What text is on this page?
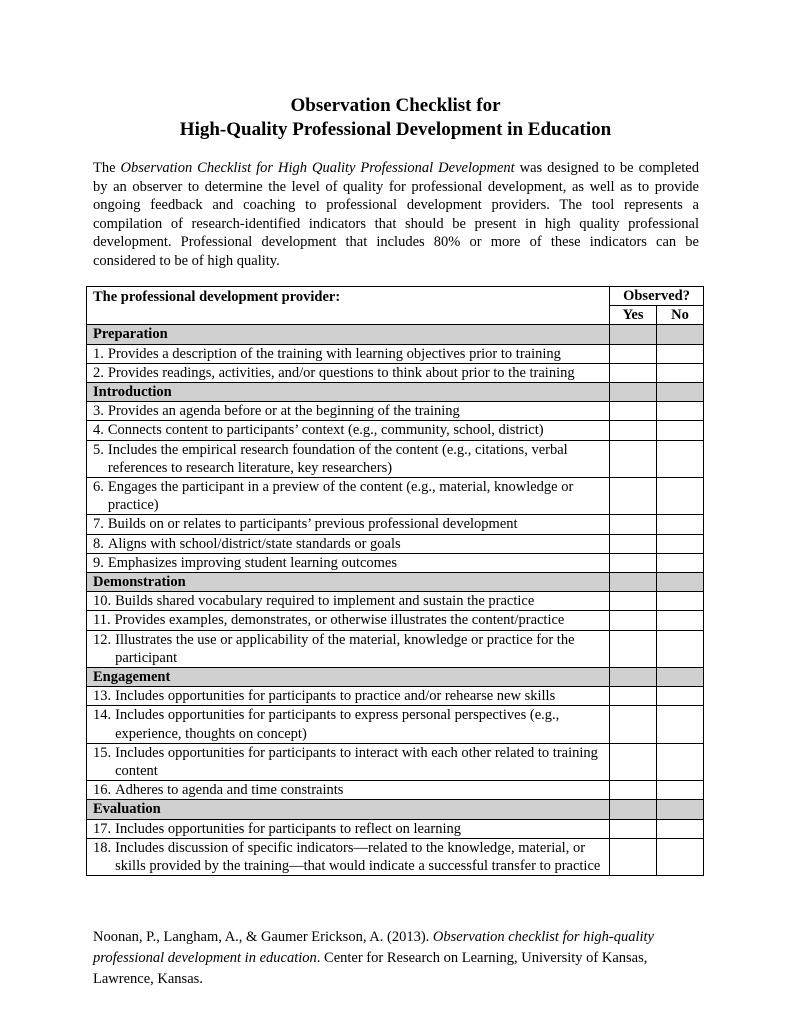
Observation Checklist for
High-Quality Professional Development in Education

The Observation Checklist for High Quality Professional Development was designed to be completed by an observer to determine the level of quality for professional development, as well as to provide ongoing feedback and coaching to professional development providers. The tool represents a compilation of research-identified indicators that should be present in high quality professional development. Professional development that includes 80% or more of these indicators can be considered to be of high quality.

The professional development provider:	Observed?	
	Yes	No
Preparation		

1. Provides a description of the training with learning objectives prior to training		

2. Provides readings, activities, and/or questions to think about prior to the training		

Introduction		

3. Provides an agenda before or at the beginning of the training		

4. Connects content to participants’ context (e.g., community, school, district)		

5. Includes the empirical research foundation of the content (e.g., citations, verbal references to research literature, key researchers)		

6. Engages the participant in a preview of the content (e.g., material, knowledge or practice)		

7. Builds on or relates to participants’ previous professional development		

8. Aligns with school/district/state standards or goals		

9. Emphasizes improving student learning outcomes		

Demonstration		

10. Builds shared vocabulary required to implement and sustain the practice		

11. Provides examples, demonstrates, or otherwise illustrates the content/practice		

12. Illustrates the use or applicability of the material, knowledge or practice for the participant		

Engagement		

13. Includes opportunities for participants to practice and/or rehearse new skills		

14. Includes opportunities for participants to express personal perspectives (e.g., experience, thoughts on concept)		

15. Includes opportunities for participants to interact with each other related to training content		

16. Adheres to agenda and time constraints		

Evaluation		

17. Includes opportunities for participants to reflect on learning		

18. Includes discussion of specific indicators—related to the knowledge, material, or skills provided by the training—that would indicate a successful transfer to practice		

Noonan, P., Langham, A., & Gaumer Erickson, A. (2013). Observation checklist for high-quality professional development in education. Center for Research on Learning, University of Kansas, Lawrence, Kansas.
